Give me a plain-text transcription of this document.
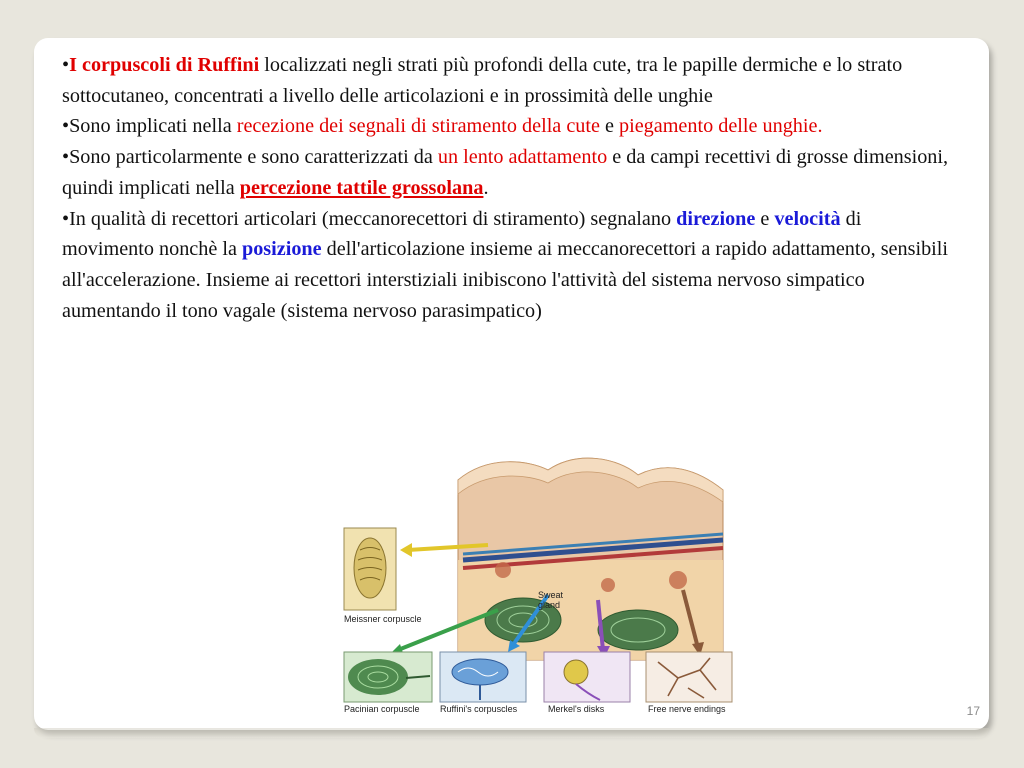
•I corpuscoli di Ruffini localizzati negli strati più profondi della cute, tra le papille dermiche e lo strato sottocutaneo, concentrati a livello delle articolazioni e in prossimità delle unghie

•Sono implicati nella recezione dei segnali di stiramento della cute e piegamento delle unghie.

•Sono particolarmente e sono caratterizzati da un lento adattamento e da campi recettivi di grosse dimensioni, quindi implicati nella percezione tattile grossolana.

•In qualità di recettori articolari (meccanorecettori di stiramento) segnalano direzione e velocità di movimento nonchè la posizione dell'articolazione insieme ai meccanorecettori a rapido adattamento, sensibili all'accelerazione. Insieme ai recettori interstiziali inibiscono l'attività del sistema nervoso simpatico aumentando il tono vagale (sistema nervoso parasimpatico)

Meissner corpuscle
Sweat gland
Pacinian corpuscle Ruffini's corpuscles	Merkel's disks	Free nerve endings	17
